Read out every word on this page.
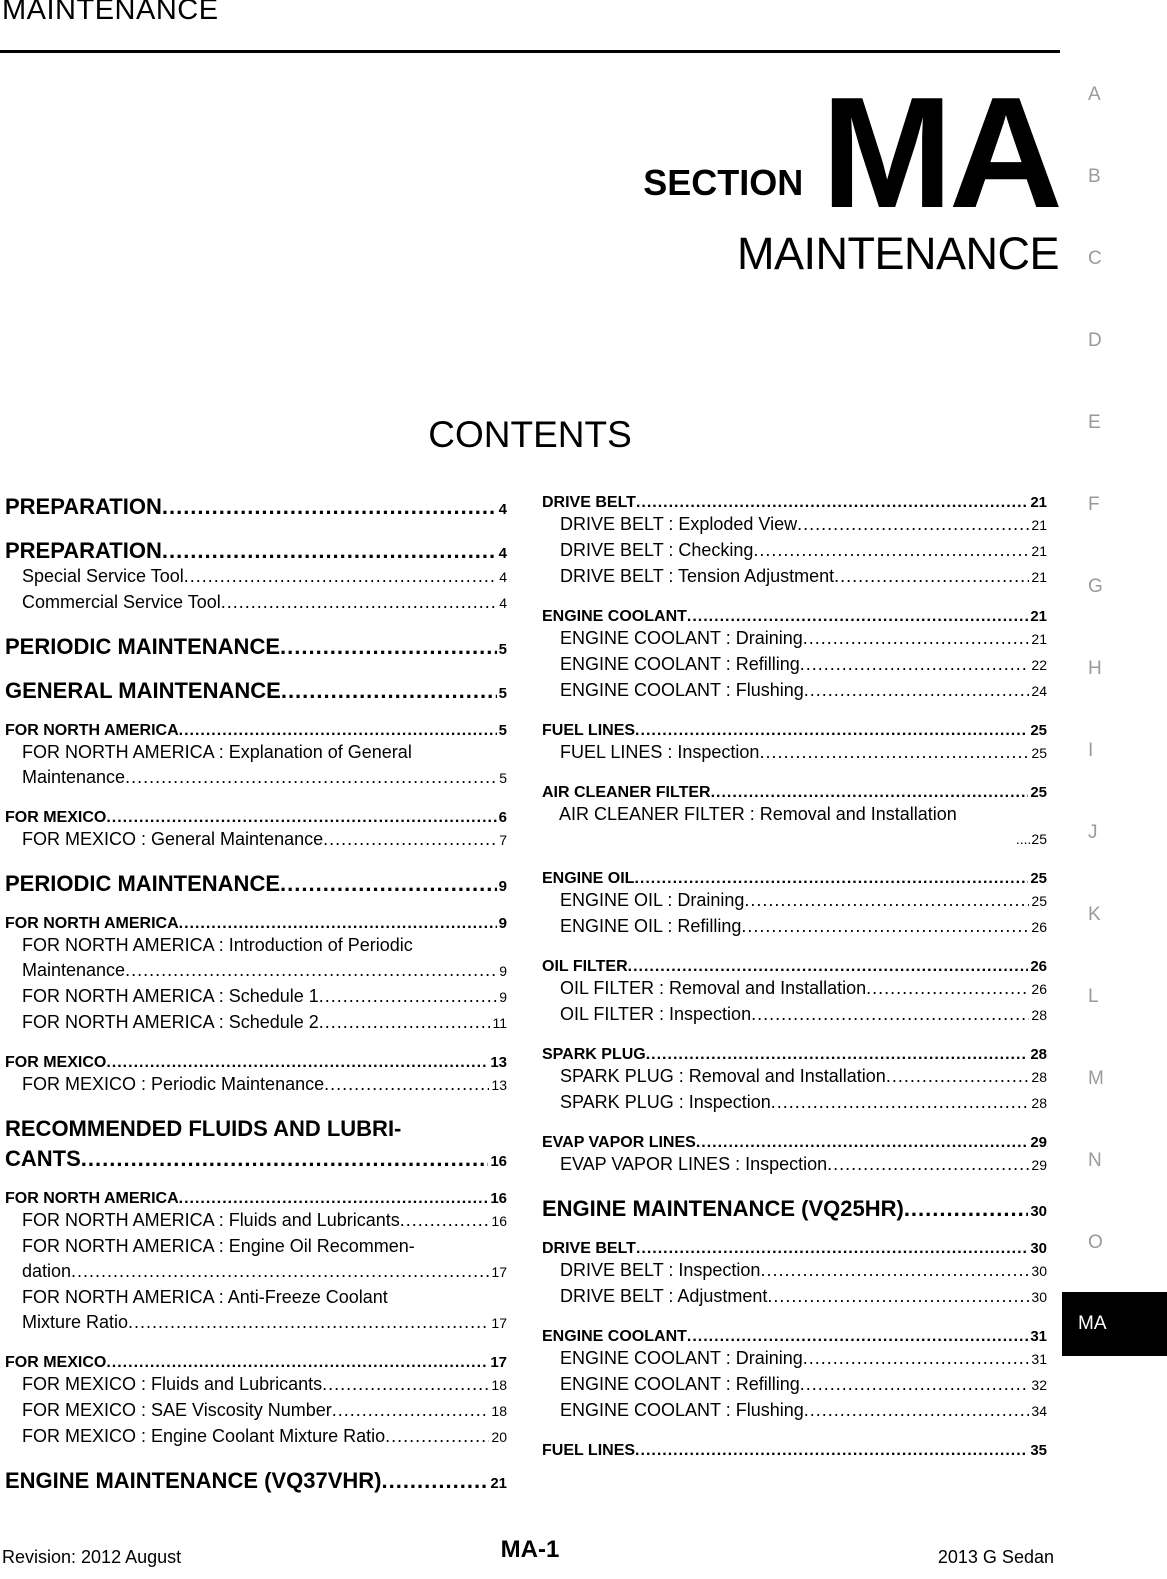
MAINTENANCE
SECTION MA
MAINTENANCE
CONTENTS
A
B
C
D
E
F
G
H
I
J
K
L
M
N
O
MA
PREPARATION .....	4
PREPARATION .....	4
Special Service Tool .....	4
Commercial Service Tool .....	4
PERIODIC MAINTENANCE .....	5
GENERAL MAINTENANCE .....	5
FOR NORTH AMERICA .....	5
FOR NORTH AMERICA : Explanation of General
Maintenance .....	5
FOR MEXICO .....	6
FOR MEXICO : General Maintenance .....	7
PERIODIC MAINTENANCE .....	9
FOR NORTH AMERICA .....	9
FOR NORTH AMERICA : Introduction of Periodic
Maintenance .....	9
FOR NORTH AMERICA : Schedule 1 .....	9
FOR NORTH AMERICA : Schedule 2 .....	11
FOR MEXICO .....	13
FOR MEXICO : Periodic Maintenance .....	13
RECOMMENDED FLUIDS AND LUBRI-
CANTS .....	16
FOR NORTH AMERICA .....	16
FOR NORTH AMERICA : Fluids and Lubricants .....	16
FOR NORTH AMERICA : Engine Oil Recommen-
dation .....	17
FOR NORTH AMERICA : Anti-Freeze Coolant
Mixture Ratio .....	17
FOR MEXICO .....	17
FOR MEXICO : Fluids and Lubricants .....	18
FOR MEXICO : SAE Viscosity Number .....	18
FOR MEXICO : Engine Coolant Mixture Ratio .....	20
ENGINE MAINTENANCE (VQ37VHR) .....	21
DRIVE BELT .....	21
DRIVE BELT : Exploded View .....	21
DRIVE BELT : Checking .....	21
DRIVE BELT : Tension Adjustment .....	21
ENGINE COOLANT .....	21
ENGINE COOLANT : Draining .....	21
ENGINE COOLANT : Refilling .....	22
ENGINE COOLANT : Flushing .....	24
FUEL LINES .....	25
FUEL LINES : Inspection .....	25
AIR CLEANER FILTER .....	25
AIR CLEANER FILTER : Removal and Installation
....25
ENGINE OIL .....	25
ENGINE OIL : Draining .....	25
ENGINE OIL : Refilling .....	26
OIL FILTER .....	26
OIL FILTER : Removal and Installation .....	26
OIL FILTER : Inspection .....	28
SPARK PLUG .....	28
SPARK PLUG : Removal and Installation .....	28
SPARK PLUG : Inspection .....	28
EVAP VAPOR LINES .....	29
EVAP VAPOR LINES : Inspection .....	29
ENGINE MAINTENANCE (VQ25HR) .....	30
DRIVE BELT .....	30
DRIVE BELT : Inspection .....	30
DRIVE BELT : Adjustment .....	30
ENGINE COOLANT .....	31
ENGINE COOLANT : Draining .....	31
ENGINE COOLANT : Refilling .....	32
ENGINE COOLANT : Flushing .....	34
FUEL LINES .....	35
Revision: 2012 August	MA-1	2013 G Sedan
